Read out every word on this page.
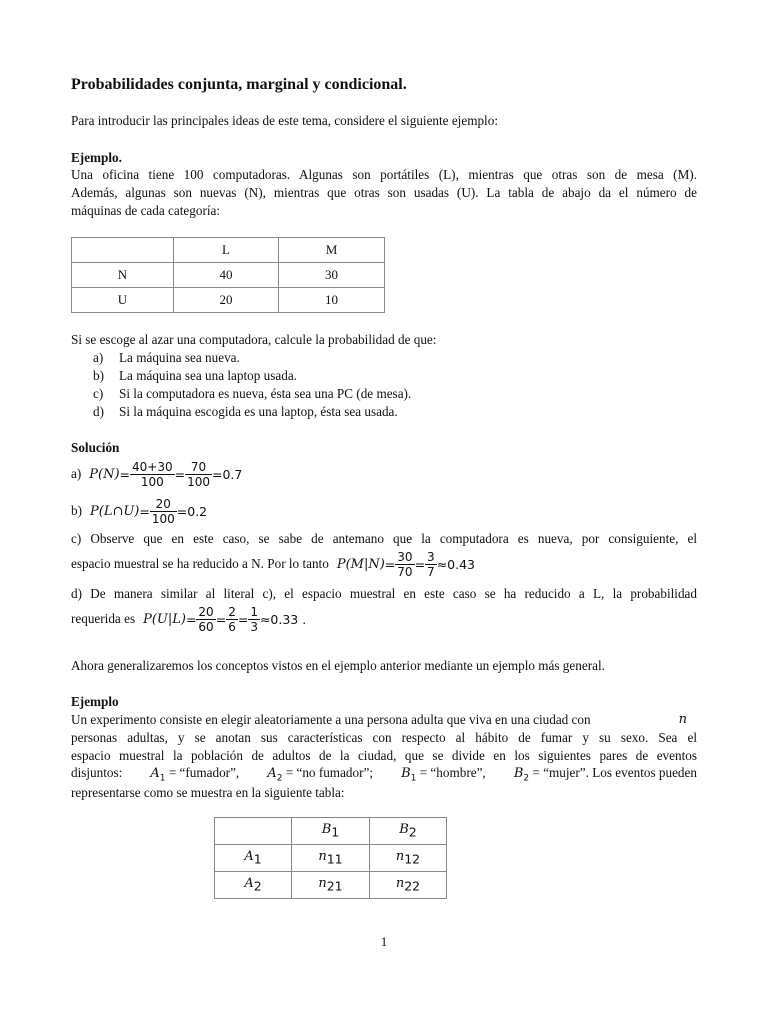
Probabilidades conjunta, marginal y condicional.
Para introducir las principales ideas de este tema, considere el siguiente ejemplo:
Ejemplo.
Una oficina tiene 100 computadoras. Algunas son portátiles (L), mientras que otras son de mesa (M).
Además, algunas son nuevas (N), mientras que otras son usadas (U). La tabla de abajo da el número de
máquinas de cada categoría:
	L	M
N	40	30
U	20	10
Si se escoge al azar una computadora, calcule la probabilidad de que:
a) La máquina sea nueva.
b) La máquina sea una laptop usada.
c) Si la computadora es nueva, ésta sea una PC (de mesa).
d) Si la máquina escogida es una laptop, ésta sea usada.
Solución
a) $P(N) = \frac{40+30}{100} = \frac{70}{100} = 0.7$
b) P(L∩U) = $\frac{20}{100} = 0.2$
c) Observe que en este caso, se sabe de antemano que la computadora es nueva, por consiguiente, el
espacio muestral se ha reducido a N. Por lo tanto $P(M|N) = \frac{30}{70} = \frac{3}{7} \approx 0.43$
d) De manera similar al literal c), el espacio muestral en este caso se ha reducido a L, la probabilidad
requerida es $P(U|L) = \frac{20}{60} = \frac{2}{6} = \frac{1}{3} \approx 0.33$ .
Ahora generalizaremos los conceptos vistos en el ejemplo anterior mediante un ejemplo más general.
Ejemplo
Un experimento consiste en elegir aleatoriamente a una persona adulta que viva en una ciudad con	n
personas adultas, y se anotan sus características con respecto al hábito de fumar y su sexo. Sea el
espacio muestral la población de adultos de la ciudad, que se divide en los siguientes pares de eventos
disjuntos: $A_1$ = “fumador”, $A_2$ = “no fumador”; $B_1$ = “hombre”, $B_2$ = “mujer”. Los eventos pueden
representarse como se muestra en la siguiente tabla:
	$B_1$	$B_2$
$A_1$	$n_{11}$	$n_{12}$
$A_2$	$n_{21}$	$n_{22}$
1
